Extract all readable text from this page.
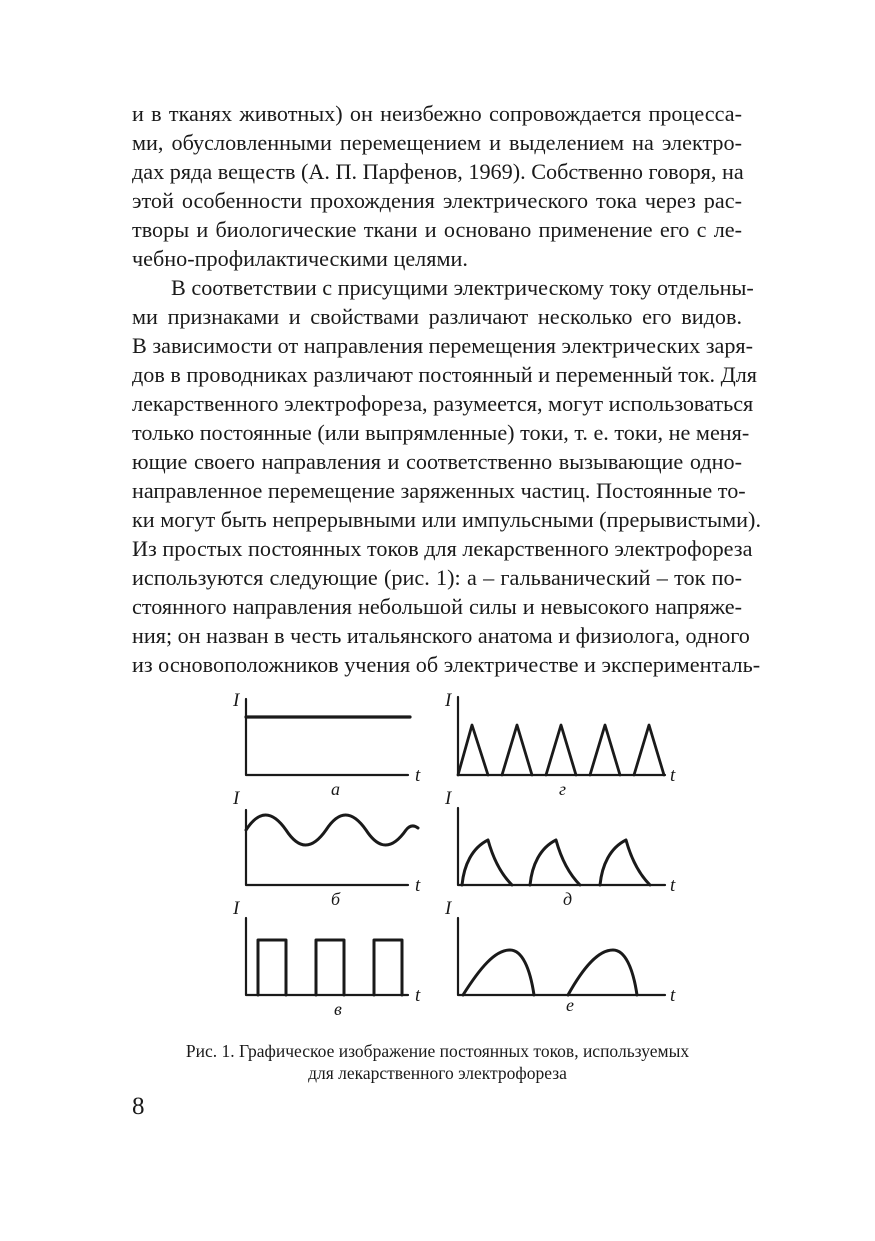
и в тканях животных) он неизбежно сопровождается процесса-
ми, обусловленными перемещением и выделением на электро-
дах ряда веществ (А. П. Парфенов, 1969). Собственно говоря, на
этой особенности прохождения электрического тока через рас-
творы и биологические ткани и основано применение его с ле-
чебно-профилактическими целями.
В соответствии с присущими электрическому току отдельны-
ми признаками и свойствами различают несколько его видов.
В зависимости от направления перемещения электрических заря-
дов в проводниках различают постоянный и переменный ток. Для
лекарственного электрофореза, разумеется, могут использоваться
только постоянные (или выпрямленные) токи, т. е. токи, не меня-
ющие своего направления и соответственно вызывающие одно-
направленное перемещение заряженных частиц. Постоянные то-
ки могут быть непрерывными или импульсными (прерывистыми).
Из простых постоянных токов для лекарственного электрофореза
используются следующие (рис. 1): а – гальванический – ток по-
стоянного направления небольшой силы и невысокого напряже-
ния; он назван в честь итальянского анатома и физиолога, одного
из основоположников учения об электричестве и эксперименталь-
I
t
I
t
I
t
I
t
I
t
I
t
а	г
б	д
в	е
Рис. 1. Графическое изображение постоянных токов, используемых
для лекарственного электрофореза
8
